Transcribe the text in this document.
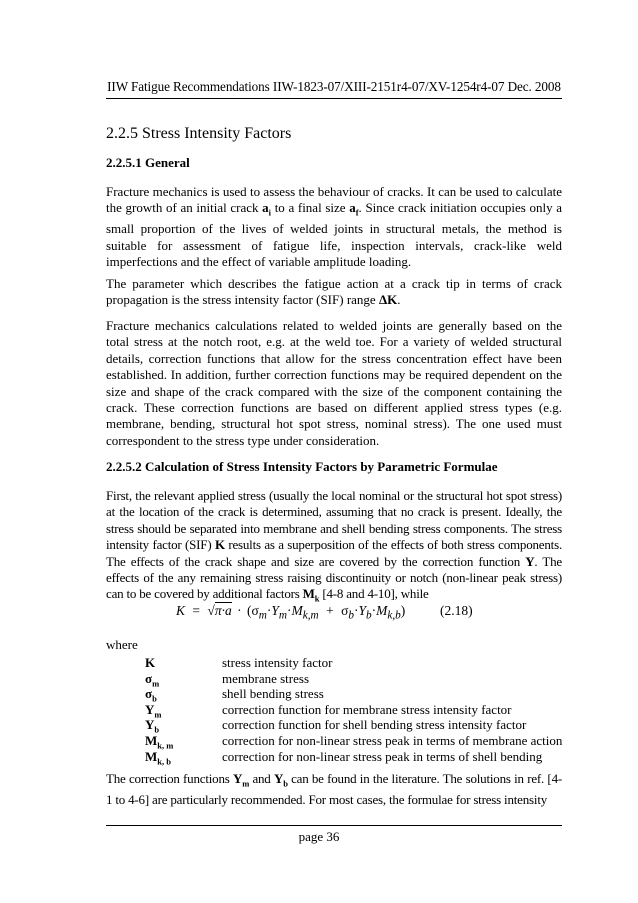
IIW Fatigue Recommendations IIW-1823-07/XIII-2151r4-07/XV-1254r4-07 Dec. 2008
2.2.5 Stress Intensity Factors
2.2.5.1 General

Fracture mechanics is used to assess the behaviour of cracks. It can be used to calculate the growth of an initial crack $a_i$ to a final size $a_f$. Since crack initiation occupies only a small proportion of the lives of welded joints in structural metals, the method is suitable for assessment of fatigue life, inspection intervals, crack-like weld imperfections and the effect of variable amplitude loading.

The parameter which describes the fatigue action at a crack tip in terms of crack propagation is the stress intensity factor (SIF) range ΔK.

Fracture mechanics calculations related to welded joints are generally based on the total stress at the notch root, e.g. at the weld toe. For a variety of welded structural details, correction functions that allow for the stress concentration effect have been established. In addition, further correction functions may be required dependent on the size and shape of the crack compared with the size of the component containing the crack. These correction functions are based on different applied stress types (e.g. membrane, bending, structural hot spot stress, nominal stress). The one used must correspondent to the stress type under consideration.

2.2.5.2 Calculation of Stress Intensity Factors by Parametric Formulae

First, the relevant applied stress (usually the local nominal or the structural hot spot stress) at the location of the crack is determined, assuming that no crack is present. Ideally, the stress should be separated into membrane and shell bending stress components. The stress intensity factor (SIF) K results as a superposition of the effects of both stress components. The effects of the crack shape and size are covered by the correction function Y. The effects of the any remaining stress raising discontinuity or notch (non-linear peak stress) can to be covered by additional factors $M_k$ [4-8 and 4-10], while

$K = √\pi\cdot a \cdot (\sigma_m\cdot Y_m\cdot M_{k,m} + \sigma_b\cdot Y_b\cdot M_{k,b})$	(2.18)
where
K	stress intensity factor
$\sigma_m$	membrane stress
$\sigma_b$	shell bending stress
$Y_m$	correction function for membrane stress intensity factor
$Y_b$	correction function for shell bending stress intensity factor
$M_{k, m}$	correction for non-linear stress peak in terms of membrane action
$M_{k, b}$	correction for non-linear stress peak in terms of shell bending

The correction functions $Y_m$ and $Y_b$ can be found in the literature. The solutions in ref. [4-1 to 4-6] are particularly recommended. For most cases, the formulae for stress intensity

page 36
